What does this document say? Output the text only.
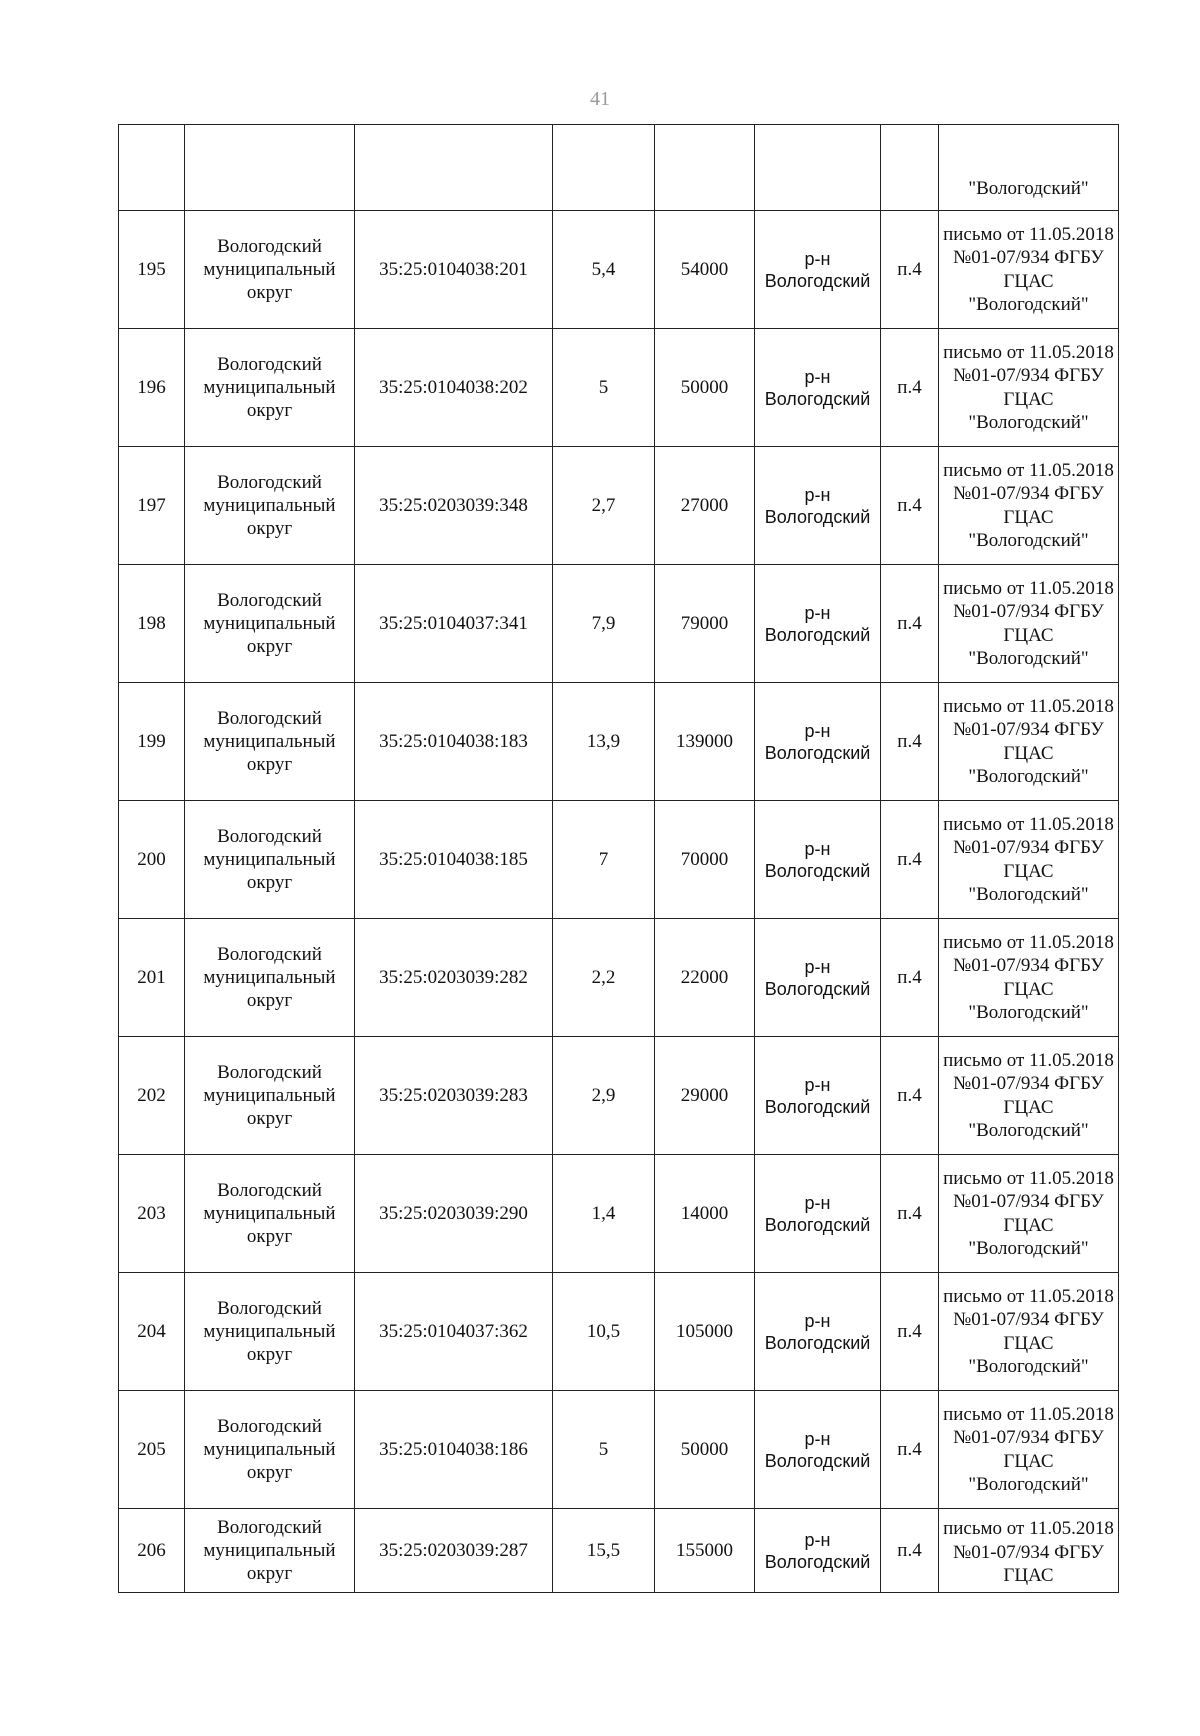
41
							"Вологодский"
195	Вологодский муниципальный округ	35:25:0104038:201	5,4	54000	р-н Вологодский	п.4	письмо от 11.05.2018 №01-07/934 ФГБУ ГЦАС "Вологодский"
196	Вологодский муниципальный округ	35:25:0104038:202	5	50000	р-н Вологодский	п.4	письмо от 11.05.2018 №01-07/934 ФГБУ ГЦАС "Вологодский"
197	Вологодский муниципальный округ	35:25:0203039:348	2,7	27000	р-н Вологодский	п.4	письмо от 11.05.2018 №01-07/934 ФГБУ ГЦАС "Вологодский"
198	Вологодский муниципальный округ	35:25:0104037:341	7,9	79000	р-н Вологодский	п.4	письмо от 11.05.2018 №01-07/934 ФГБУ ГЦАС "Вологодский"
199	Вологодский муниципальный округ	35:25:0104038:183	13,9	139000	р-н Вологодский	п.4	письмо от 11.05.2018 №01-07/934 ФГБУ ГЦАС "Вологодский"
200	Вологодский муниципальный округ	35:25:0104038:185	7	70000	р-н Вологодский	п.4	письмо от 11.05.2018 №01-07/934 ФГБУ ГЦАС "Вологодский"
201	Вологодский муниципальный округ	35:25:0203039:282	2,2	22000	р-н Вологодский	п.4	письмо от 11.05.2018 №01-07/934 ФГБУ ГЦАС "Вологодский"
202	Вологодский муниципальный округ	35:25:0203039:283	2,9	29000	р-н Вологодский	п.4	письмо от 11.05.2018 №01-07/934 ФГБУ ГЦАС "Вологодский"
203	Вологодский муниципальный округ	35:25:0203039:290	1,4	14000	р-н Вологодский	п.4	письмо от 11.05.2018 №01-07/934 ФГБУ ГЦАС "Вологодский"
204	Вологодский муниципальный округ	35:25:0104037:362	10,5	105000	р-н Вологодский	п.4	письмо от 11.05.2018 №01-07/934 ФГБУ ГЦАС "Вологодский"
205	Вологодский муниципальный округ	35:25:0104038:186	5	50000	р-н Вологодский	п.4	письмо от 11.05.2018 №01-07/934 ФГБУ ГЦАС "Вологодский"
206	Вологодский муниципальный округ	35:25:0203039:287	15,5	155000	р-н Вологодский	п.4	письмо от 11.05.2018 №01-07/934 ФГБУ ГЦАС
